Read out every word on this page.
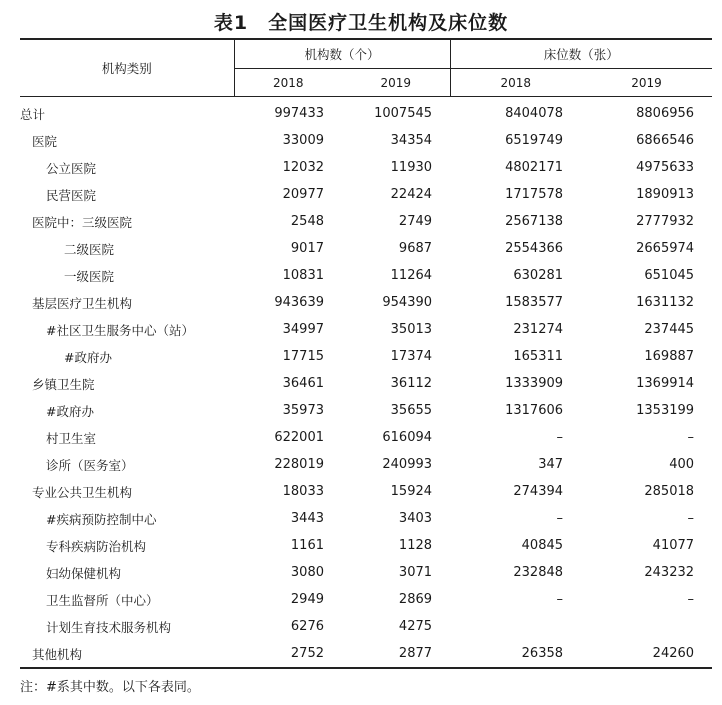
表1　全国医疗卫生机构及床位数
机构类别	机构数（个）		床位数（张）	
	2018	2019	2018	2019
总计	997433	1007545	8404078	8806956
医院	33009	34354	6519749	6866546
公立医院	12032	11930	4802171	4975633
民营医院	20977	22424	1717578	1890913
医院中：三级医院	2548	2749	2567138	2777932
二级医院	9017	9687	2554366	2665974
一级医院	10831	11264	630281	651045
基层医疗卫生机构	943639	954390	1583577	1631132
#社区卫生服务中心（站）	34997	35013	231274	237445
#政府办	17715	17374	165311	169887
乡镇卫生院	36461	36112	1333909	1369914
#政府办	35973	35655	1317606	1353199
村卫生室	622001	616094	–	–
诊所（医务室）	228019	240993	347	400
专业公共卫生机构	18033	15924	274394	285018
#疾病预防控制中心	3443	3403	–	–
专科疾病防治机构	1161	1128	40845	41077
妇幼保健机构	3080	3071	232848	243232
卫生监督所（中心）	2949	2869	–	–
计划生育技术服务机构	6276	4275		
其他机构	2752	2877	26358	24260
注：#系其中数。以下各表同。
